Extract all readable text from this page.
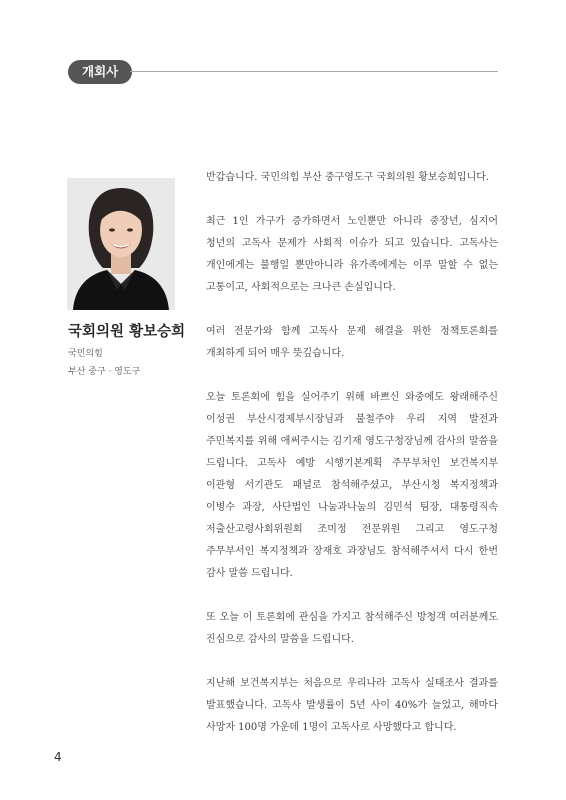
개회사
국회의원 황보승희
국민의힘
부산 중구 · 영도구

반갑습니다. 국민의힘 부산 중구영도구 국회의원 황보승희입니다.

최근 1인 가구가 증가하면서 노인뿐만 아니라 중장년, 심지어 청년의 고독사 문제가 사회적 이슈가 되고 있습니다. 고독사는 개인에게는 불행일 뿐만아니라 유가족에게는 이루 말할 수 없는 고통이고, 사회적으로는 크나큰 손실입니다.

여러 전문가와 함께 고독사 문제 해결을 위한 정책토론회를 개최하게 되어 매우 뜻깊습니다.

오늘 토론회에 힘을 실어주기 위해 바쁘신 와중에도 왕래해주신 이성권 부산시경제부시장님과 불철주야 우리 지역 발전과 주민복지를 위해 애써주시는 김기재 영도구청장님께 감사의 말씀을 드립니다. 고독사 예방 시행기본계획 주무부처인 보건복지부 이관형 서기관도 패널로 참석해주셨고, 부산시청 복지정책과 이병수 과장, 사단법인 나눔과나눔의 김민석 팀장, 대통령직속 저출산고령사회위원회 조미정 전문위원 그리고 영도구청 주무부서인 복지정책과 장재호 과장님도 참석해주셔서 다시 한번 감사 말씀 드립니다.

또 오늘 이 토론회에 관심을 가지고 참석해주신 방청객 여러분께도 진심으로 감사의 말씀을 드립니다.

지난해 보건복지부는 처음으로 우리나라 고독사 실태조사 결과를 발표했습니다. 고독사 발생률이 5년 사이 40%가 늘었고, 해마다 사망자 100명 가운데 1명이 고독사로 사망했다고 합니다.

4
